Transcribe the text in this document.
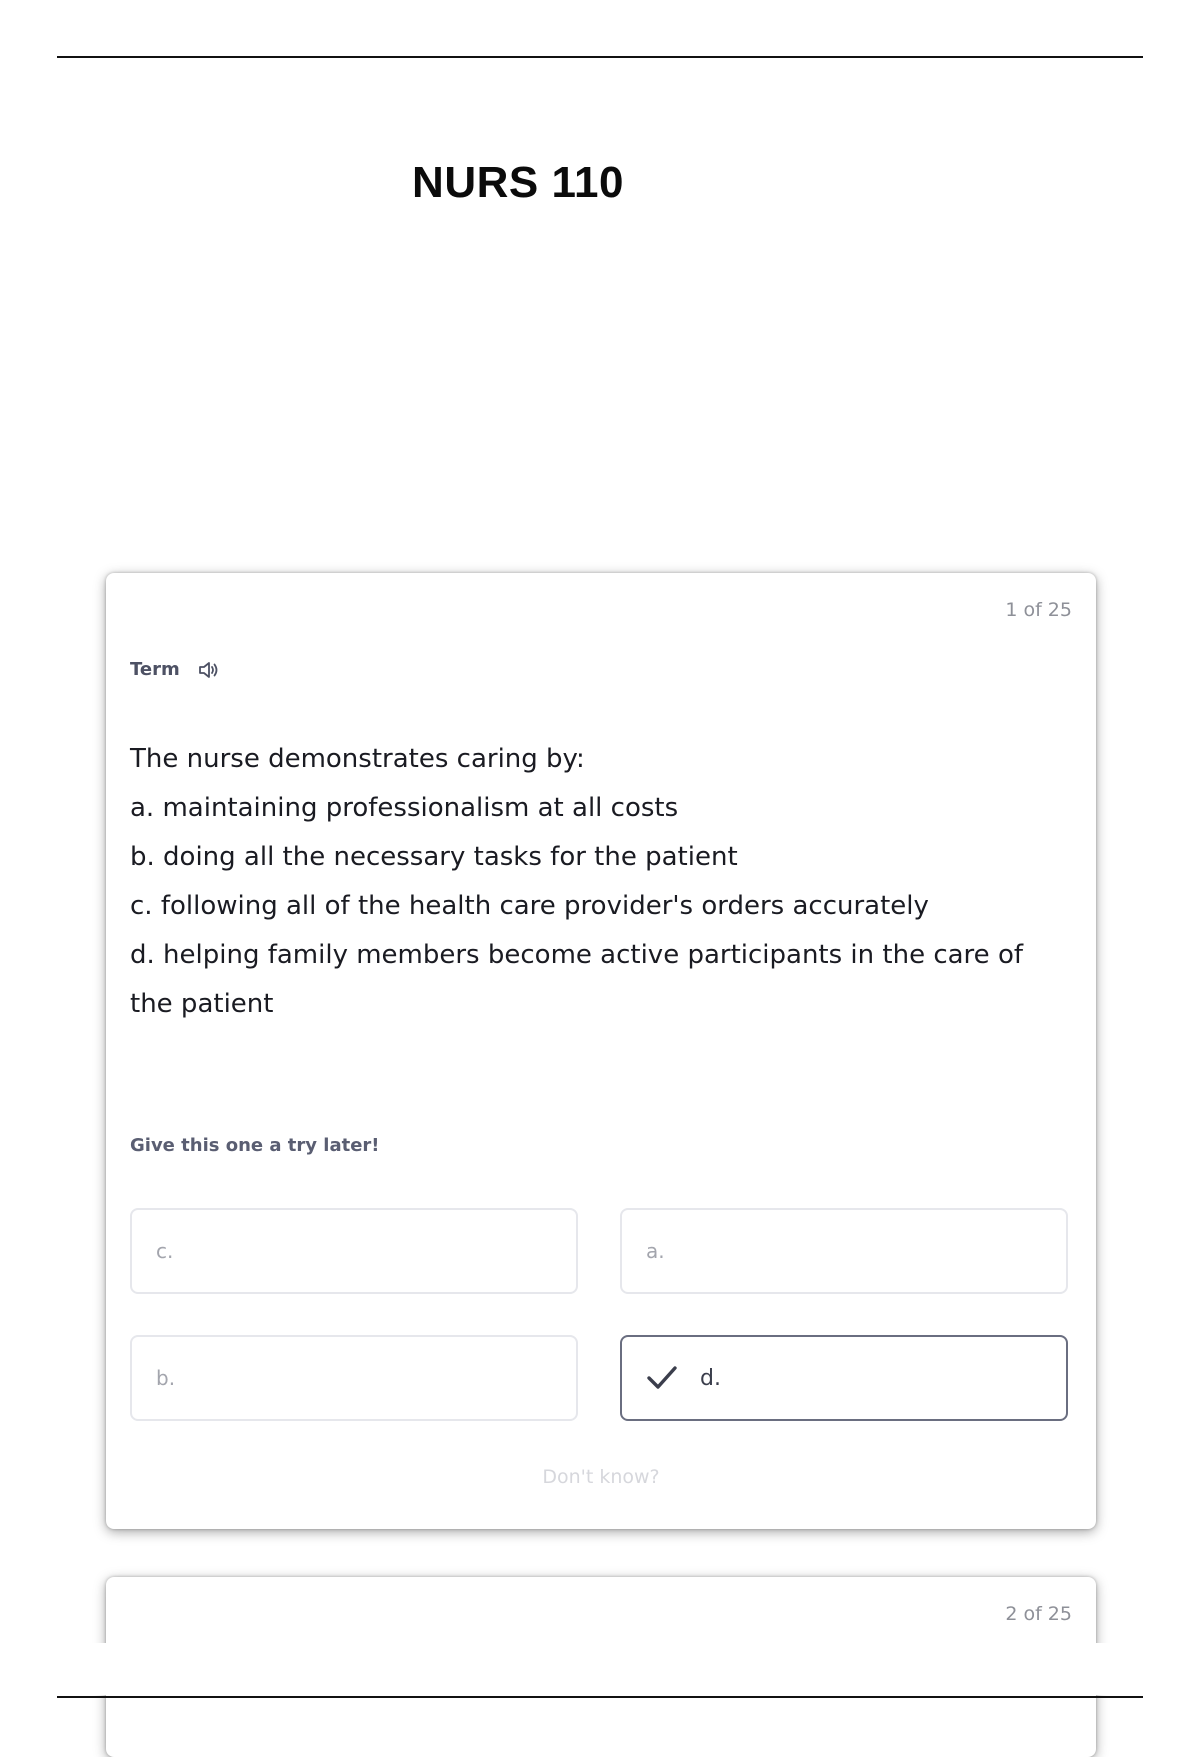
NURS 110
1 of 25
Term

The nurse demonstrates caring by:

a. maintaining professionalism at all costs

b. doing all the necessary tasks for the patient

c. following all of the health care provider's orders accurately

d. helping family members become active participants in the care of the patient

Give this one a try later!
c.	a.
b.	d.
Don't know?
2 of 25
